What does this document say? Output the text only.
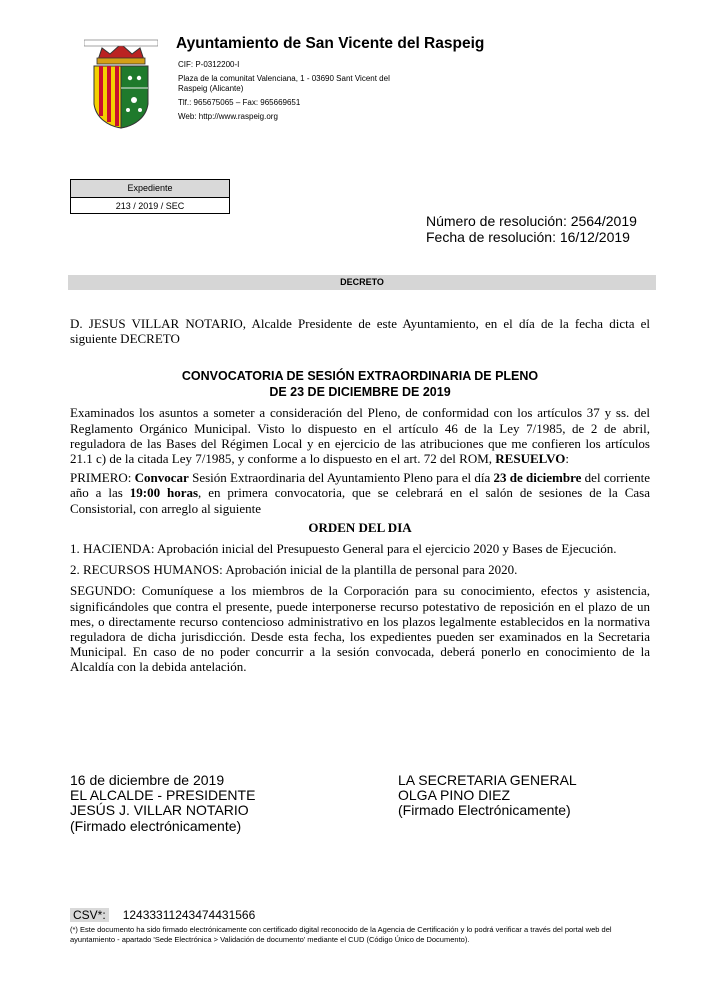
Ayuntamiento de San Vicente del Raspeig
CIF: P-0312200-I
Plaza de la comunitat Valenciana, 1 - 03690 Sant Vicent del
Raspeig (Alicante)
Tlf.: 965675065 – Fax: 965669651
Web: http://www.raspeig.org
Expediente
213 / 2019 / SEC
Número de resolución: 2564/2019
Fecha de resolución: 16/12/2019
DECRETO

D. JESUS VILLAR NOTARIO, Alcalde Presidente de este Ayuntamiento, en el día de la fecha dicta el siguiente DECRETO

CONVOCATORIA DE SESIÓN EXTRAORDINARIA DE PLENO

DE 23 DE DICIEMBRE DE 2019

Examinados los asuntos a someter a consideración del Pleno, de conformidad con los artículos 37 y ss. del Reglamento Orgánico Municipal. Visto lo dispuesto en el artículo 46 de la Ley 7/1985, de 2 de abril, reguladora de las Bases del Régimen Local y en ejercicio de las atribuciones que me confieren los artículos 21.1 c) de la citada Ley 7/1985, y conforme a lo dispuesto en el art. 72 del ROM, RESUELVO:

PRIMERO: Convocar Sesión Extraordinaria del Ayuntamiento Pleno para el día 23 de diciembre del corriente año a las 19:00 horas, en primera convocatoria, que se celebrará en el salón de sesiones de la Casa Consistorial, con arreglo al siguiente

ORDEN DEL DIA

1. HACIENDA: Aprobación inicial del Presupuesto General para el ejercicio 2020 y Bases de Ejecución.

2. RECURSOS HUMANOS: Aprobación inicial de la plantilla de personal para 2020.

SEGUNDO: Comuníquese a los miembros de la Corporación para su conocimiento, efectos y asistencia, significándoles que contra el presente, puede interponerse recurso potestativo de reposición en el plazo de un mes, o directamente recurso contencioso administrativo en los plazos legalmente establecidos en la normativa reguladora de dicha jurisdicción. Desde esta fecha, los expedientes pueden ser examinados en la Secretaria Municipal. En caso de no poder concurrir a la sesión convocada, deberá ponerlo en conocimiento de la Alcaldía con la debida antelación.

16 de diciembre de 2019
EL ALCALDE - PRESIDENTE
JESÚS J. VILLAR NOTARIO
(Firmado electrónicamente)
LA SECRETARIA GENERAL
OLGA PINO DIEZ
(Firmado Electrónicamente)
CSV*: 12433311243474431566
(*) Este documento ha sido firmado electrónicamente con certificado digital reconocido de la Agencia de Certificación y lo podrá verificar a través del portal web del ayuntamiento - apartado 'Sede Electrónica > Validación de documento' mediante el CUD (Código Único de Documento).
